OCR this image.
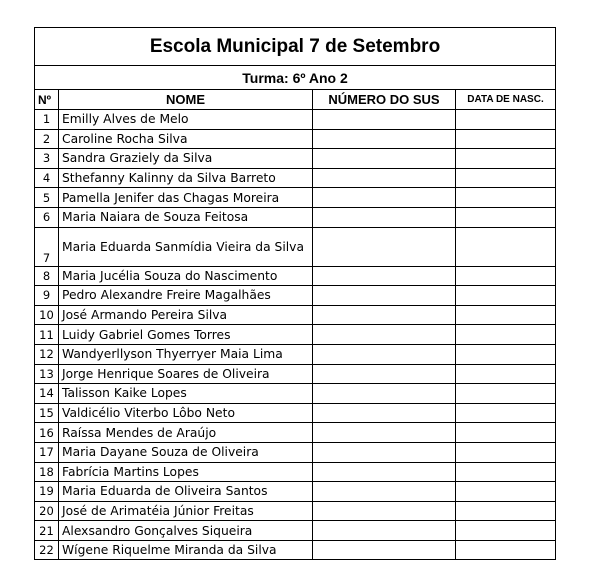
Escola Municipal 7 de Setembro			
Turma: 6º Ano 2			
Nº	NOME	NÚMERO DO SUS	DATA DE NASC.
1	Emilly Alves de Melo		
2	Caroline Rocha Silva		
3	Sandra Graziely da Silva		
4	Sthefanny Kalinny da Silva Barreto		
5	Pamella Jenifer das Chagas Moreira		
6	Maria Naiara de Souza Feitosa		
7	Maria Eduarda Sanmídia Vieira da Silva		
8	Maria Jucélia Souza do Nascimento		
9	Pedro Alexandre Freire Magalhães		
10	José Armando Pereira Silva		
11	Luidy Gabriel Gomes Torres		
12	Wandyerllyson Thyerryer Maia Lima		
13	Jorge Henrique Soares de Oliveira		
14	Talisson Kaike Lopes		
15	Valdicélio Viterbo Lôbo Neto		
16	Raíssa Mendes de Araújo		
17	Maria Dayane Souza de Oliveira		
18	Fabrícia Martins Lopes		
19	Maria Eduarda de Oliveira Santos		
20	José de Arimatéia Júnior Freitas		
21	Alexsandro Gonçalves Siqueira		
22	Wígene Riquelme Miranda da Silva		
